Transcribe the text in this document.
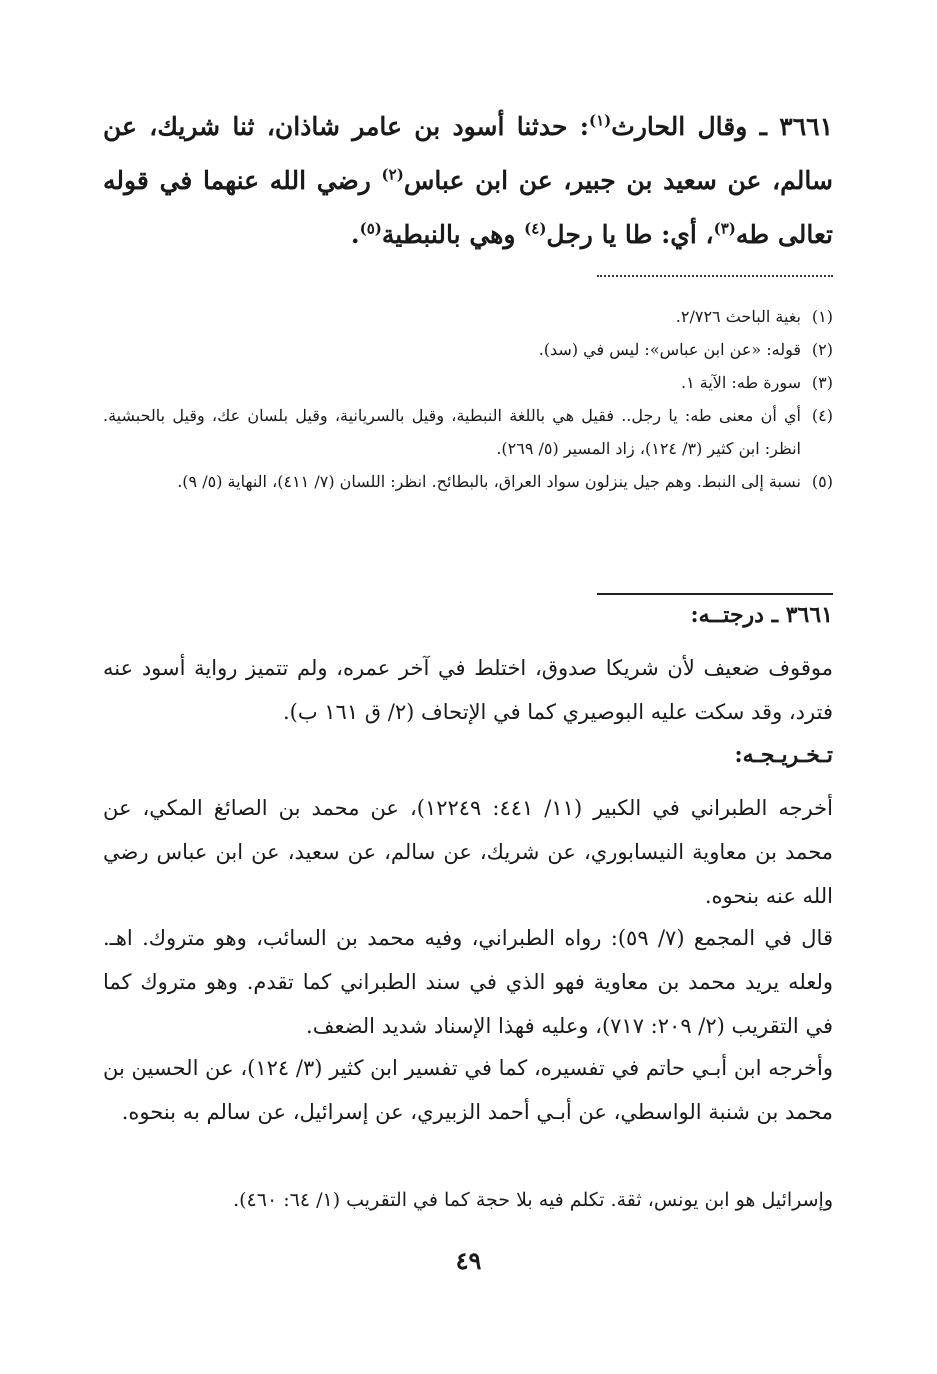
٣٦٦١ ـ وقال الحارث$^{(١)}$: حدثنا أسود بن عامر شاذان، ثنا شريك، عن سالم، عن سعيد بن جبير، عن ابن عباس$^{(٢)}$ رضي الله عنهما في قوله تعالى طه$^{(٣)}$، أي: طا يا رجل$^{(٤)}$ وهي بالنبطية$^{(٥)}$.
(١)
بغية الباحث ٢/٧٢٦.
(٢)
قوله: «عن ابن عباس»: ليس في (سد).
(٣)
سورة طه: الآية ١.
(٤)
أي أن معنى طه: يا رجل.. فقيل هي باللغة النبطية، وقيل بالسريانية، وقيل بلسان عك، وقيل بالحبشية. انظر: ابن كثير (٣/ ١٢٤)، زاد المسير (٥/ ٢٦٩).
(٥)
نسبة إلى النبط. وهم جيل ينزلون سواد العراق، بالبطائح. انظر: اللسان (٧/ ٤١١)، النهاية (٥/ ٩).
٣٦٦١ ـ درجتــه:
موقوف ضعيف لأن شريكا صدوق، اختلط في آخر عمره، ولم تتميز رواية أسود عنه فترد، وقد سكت عليه البوصيري كما في الإتحاف (٢/ ق ١٦١ ب).
تـخـريـجـه:
أخرجه الطبراني في الكبير (١١/ ٤٤١: ١٢٢٤٩)، عن محمد بن الصائغ المكي، عن محمد بن معاوية النيسابوري، عن شريك، عن سالم، عن سعيد، عن ابن عباس رضي الله عنه بنحوه.
قال في المجمع (٧/ ٥٩): رواه الطبراني، وفيه محمد بن السائب، وهو متروك. اهـ. ولعله يريد محمد بن معاوية فهو الذي في سند الطبراني كما تقدم. وهو متروك كما في التقريب (٢/ ٢٠٩: ٧١٧)، وعليه فهذا الإسناد شديد الضعف.
وأخرجه ابن أبـي حاتم في تفسيره، كما في تفسير ابن كثير (٣/ ١٢٤)، عن الحسين بن محمد بن شنبة الواسطي، عن أبـي أحمد الزبيري، عن إسرائيل، عن سالم به بنحوه.
وإسرائيل هو ابن يونس، ثقة. تكلم فيه بلا حجة كما في التقريب (١/ ٦٤: ٤٦٠).
٤٩
